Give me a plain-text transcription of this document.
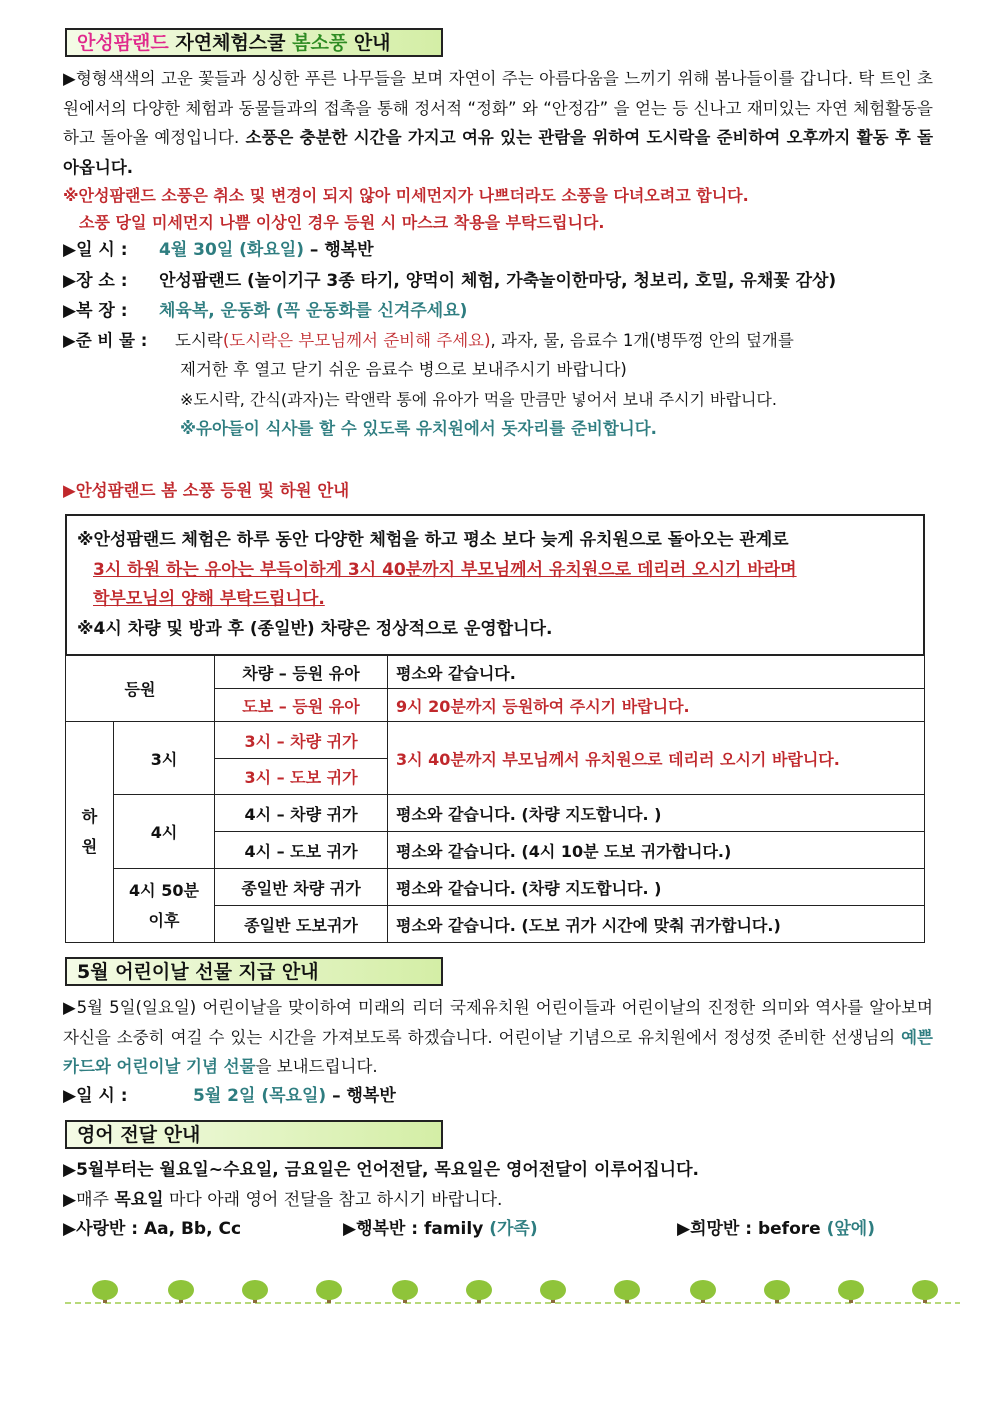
안성팜랜드 자연체험스쿨 봄소풍 안내
▶형형색색의 고운 꽃들과 싱싱한 푸른 나무들을 보며 자연이 주는 아름다움을 느끼기 위해 봄나들이를 갑니다. 탁 트인 초원에서의 다양한 체험과 동물들과의 접촉을 통해 정서적 “정화” 와 “안정감” 을 얻는 등 신나고 재미있는 자연 체험활동을 하고 돌아올 예정입니다. 소풍은 충분한 시간을 가지고 여유 있는 관람을 위하여 도시락을 준비하여 오후까지 활동 후 돌아옵니다.
※안성팜랜드 소풍은 취소 및 변경이 되지 않아 미세먼지가 나쁘더라도 소풍을 다녀오려고 합니다.
소풍 당일 미세먼지 나쁨 이상인 경우 등원 시 마스크 착용을 부탁드립니다.
▶일 시 : 4월 30일 (화요일) – 행복반
▶장 소 : 안성팜랜드 (놀이기구 3종 타기, 양먹이 체험, 가축놀이한마당, 청보리, 호밀, 유채꽃 감상)
▶복 장 : 체육복, 운동화 (꼭 운동화를 신겨주세요)
▶준 비 물 : 도시락(도시락은 부모님께서 준비해 주세요), 과자, 물, 음료수 1개(병뚜껑 안의 덮개를
제거한 후 열고 닫기 쉬운 음료수 병으로 보내주시기 바랍니다)
※도시락, 간식(과자)는 락앤락 통에 유아가 먹을 만큼만 넣어서 보내 주시기 바랍니다.
※유아들이 식사를 할 수 있도록 유치원에서 돗자리를 준비합니다.
▶안성팜랜드 봄 소풍 등원 및 하원 안내
※안성팜랜드 체험은 하루 동안 다양한 체험을 하고 평소 보다 늦게 유치원으로 돌아오는 관계로
3시 하원 하는 유아는 부득이하게 3시 40분까지 부모님께서 유치원으로 데리러 오시기 바라며
학부모님의 양해 부탁드립니다.
※4시 차량 및 방과 후 (종일반) 차량은 정상적으로 운영합니다.
등원		차량 – 등원 유아	평소와 같습니다.
		도보 – 등원 유아	9시 20분까지 등원하여 주시기 바랍니다.

하원	3시	3시 – 차량 귀가	3시 40분까지 부모님께서 유치원으로 데리러 오시기 바랍니다.
		3시 – 도보 귀가	
	4시	4시 – 차량 귀가	평소와 같습니다. (차량 지도합니다. )
		4시 – 도보 귀가	평소와 같습니다. (4시 10분 도보 귀가합니다.)
	4시 50분
이후	종일반 차량 귀가	평소와 같습니다. (차량 지도합니다. )
		종일반 도보귀가	평소와 같습니다. (도보 귀가 시간에 맞춰 귀가합니다.)
5월 어린이날 선물 지급 안내
▶5월 5일(일요일) 어린이날을 맞이하여 미래의 리더 국제유치원 어린이들과 어린이날의 진정한 의미와 역사를 알아보며 자신을 소중히 여길 수 있는 시간을 가져보도록 하겠습니다. 어린이날 기념으로 유치원에서 정성껏 준비한 선생님의 예쁜 카드와 어린이날 기념 선물을 보내드립니다.
▶일 시 :	5월 2일 (목요일) – 행복반
영어 전달 안내
▶5월부터는 월요일~수요일, 금요일은 언어전달, 목요일은 영어전달이 이루어집니다.
▶매주 목요일 마다 아래 영어 전달을 참고 하시기 바랍니다.
▶사랑반 : Aa, Bb, Cc	▶행복반 : family (가족)	▶희망반 : before (앞에)
